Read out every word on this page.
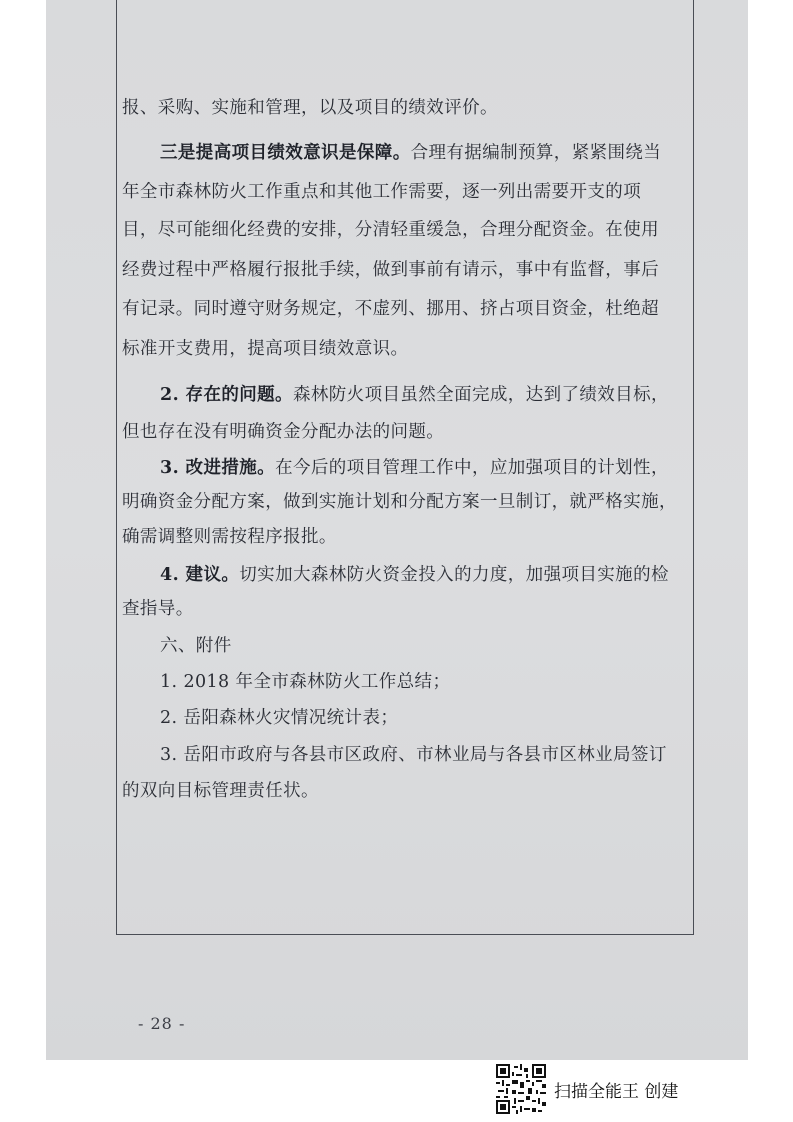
报、采购、实施和管理，以及项目的绩效评价。
三是提高项目绩效意识是保障。合理有据编制预算，紧紧围绕当
年全市森林防火工作重点和其他工作需要，逐一列出需要开支的项
目，尽可能细化经费的安排，分清轻重缓急，合理分配资金。在使用
经费过程中严格履行报批手续，做到事前有请示，事中有监督，事后
有记录。同时遵守财务规定，不虚列、挪用、挤占项目资金，杜绝超
标准开支费用，提高项目绩效意识。
2. 存在的问题。森林防火项目虽然全面完成，达到了绩效目标，
但也存在没有明确资金分配办法的问题。
3. 改进措施。在今后的项目管理工作中，应加强项目的计划性，
明确资金分配方案，做到实施计划和分配方案一旦制订，就严格实施，
确需调整则需按程序报批。
4. 建议。切实加大森林防火资金投入的力度，加强项目实施的检
查指导。
六、附件
1. 2018 年全市森林防火工作总结；
2. 岳阳森林火灾情况统计表；
3. 岳阳市政府与各县市区政府、市林业局与各县市区林业局签订
的双向目标管理责任状。
- 28 -
扫描全能王 创建
